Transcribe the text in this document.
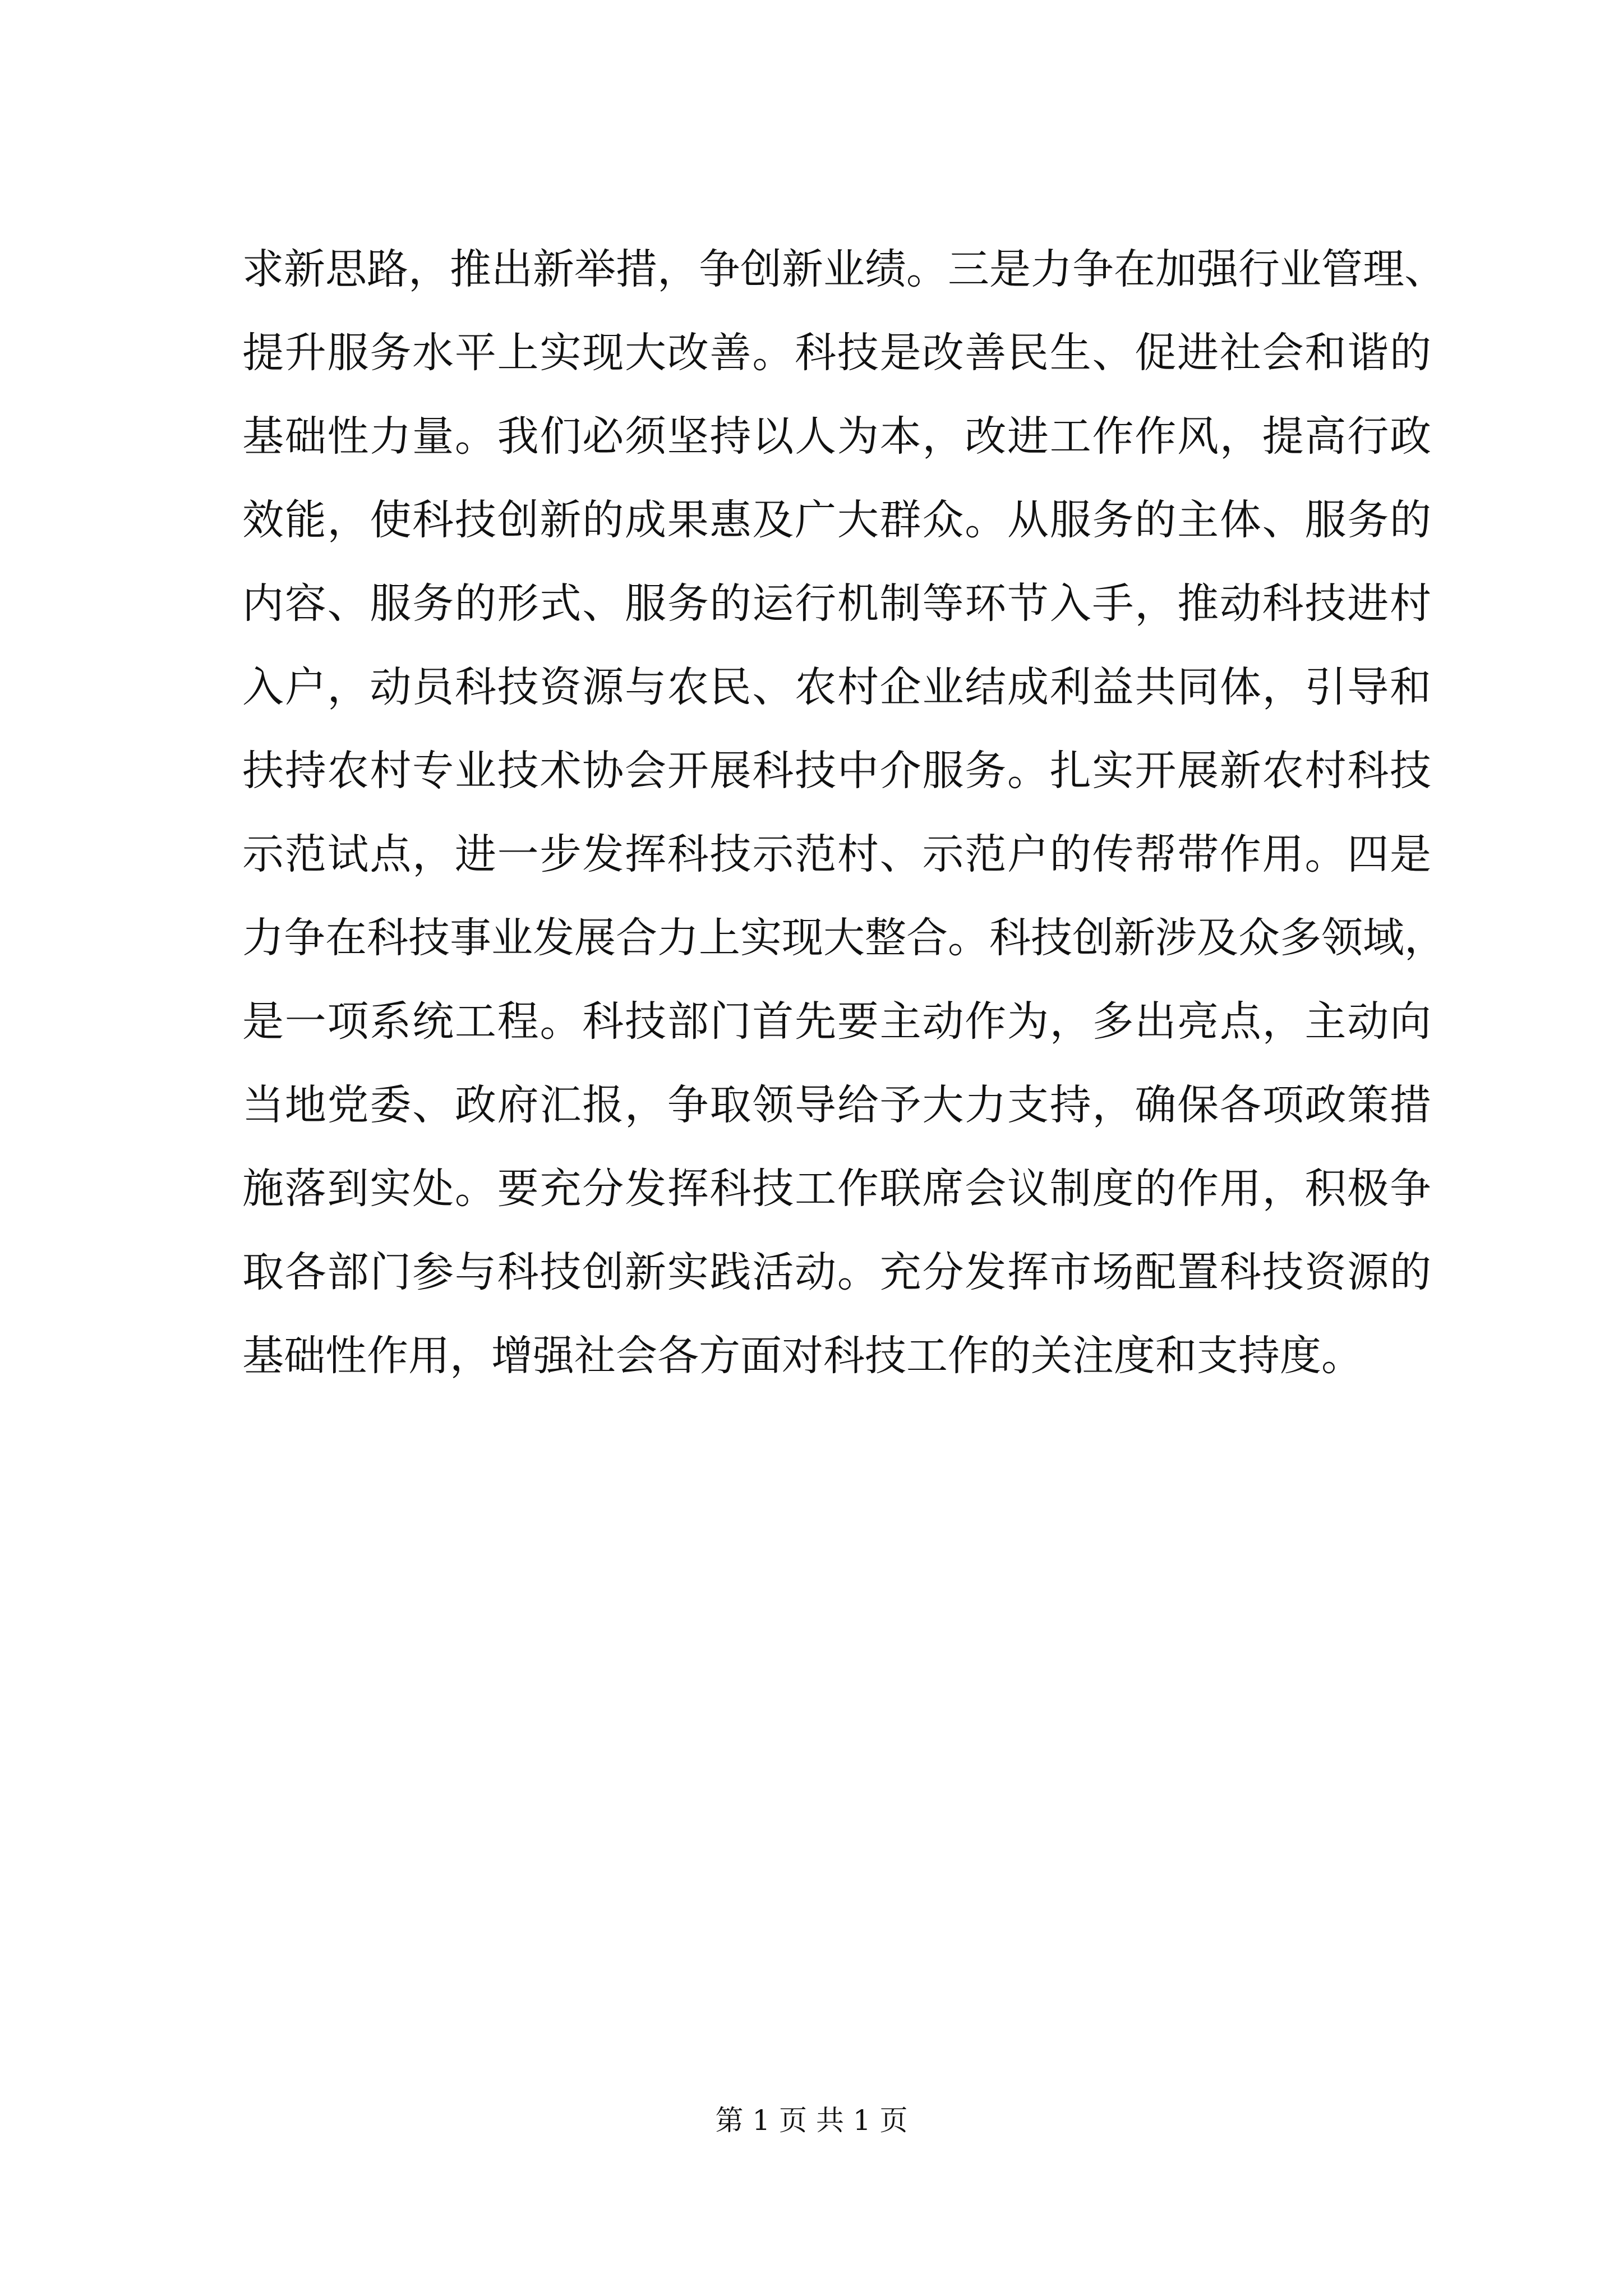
求新思路，推出新举措，争创新业绩。三是力争在加强行业管理、
提升服务水平上实现大改善。科技是改善民生、促进社会和谐的
基础性力量。我们必须坚持以人为本，改进工作作风，提高行政
效能，使科技创新的成果惠及广大群众。从服务的主体、服务的
内容、服务的形式、服务的运行机制等环节入手，推动科技进村
入户，动员科技资源与农民、农村企业结成利益共同体，引导和
扶持农村专业技术协会开展科技中介服务。扎实开展新农村科技
示范试点，进一步发挥科技示范村、示范户的传帮带作用。四是
力争在科技事业发展合力上实现大整合。科技创新涉及众多领域，
是一项系统工程。科技部门首先要主动作为，多出亮点，主动向
当地党委、政府汇报，争取领导给予大力支持，确保各项政策措
施落到实处。要充分发挥科技工作联席会议制度的作用，积极争
取各部门参与科技创新实践活动。充分发挥市场配置科技资源的
基础性作用，增强社会各方面对科技工作的关注度和支持度。
第 1 页 共 1 页
